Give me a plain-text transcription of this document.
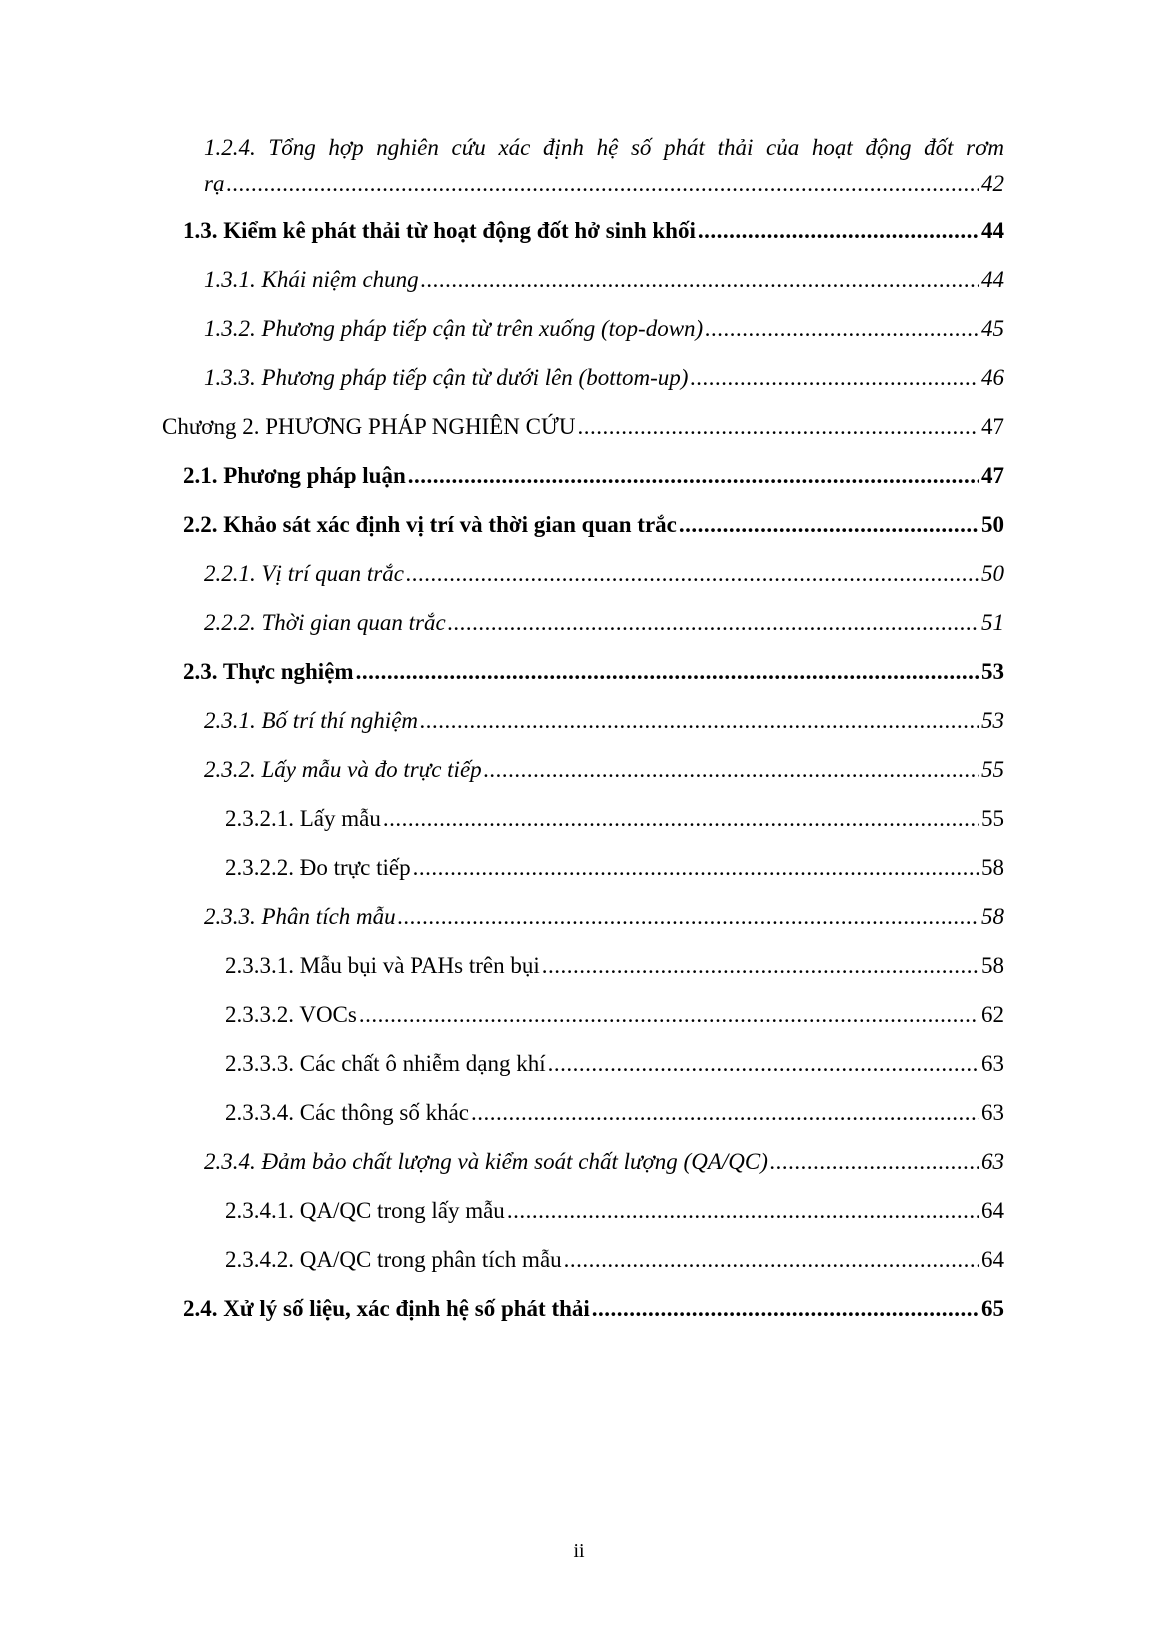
1.2.4. Tổng hợp nghiên cứu xác định hệ số phát thải của hoạt động đốt rơm
rạ .....	42
1.3. Kiểm kê phát thải từ hoạt động đốt hở sinh khối .....	44
1.3.1. Khái niệm chung .....	44
1.3.2. Phương pháp tiếp cận từ trên xuống (top-down) .....	45
1.3.3. Phương pháp tiếp cận từ dưới lên (bottom-up) .....	46
Chương 2. PHƯƠNG PHÁP NGHIÊN CỨU .....	47
2.1. Phương pháp luận .....	47
2.2. Khảo sát xác định vị trí và thời gian quan trắc .....	50
2.2.1. Vị trí quan trắc .....	50
2.2.2. Thời gian quan trắc .....	51
2.3. Thực nghiệm .....	53
2.3.1. Bố trí thí nghiệm .....	53
2.3.2. Lấy mẫu và đo trực tiếp .....	55
2.3.2.1. Lấy mẫu .....	55
2.3.2.2. Đo trực tiếp .....	58
2.3.3. Phân tích mẫu .....	58
2.3.3.1. Mẫu bụi và PAHs trên bụi .....	58
2.3.3.2. VOCs .....	62
2.3.3.3. Các chất ô nhiễm dạng khí .....	63
2.3.3.4. Các thông số khác .....	63
2.3.4. Đảm bảo chất lượng và kiểm soát chất lượng (QA/QC) .....	63
2.3.4.1. QA/QC trong lấy mẫu .....	64
2.3.4.2. QA/QC trong phân tích mẫu .....	64
2.4. Xử lý số liệu, xác định hệ số phát thải .....	65
ii
